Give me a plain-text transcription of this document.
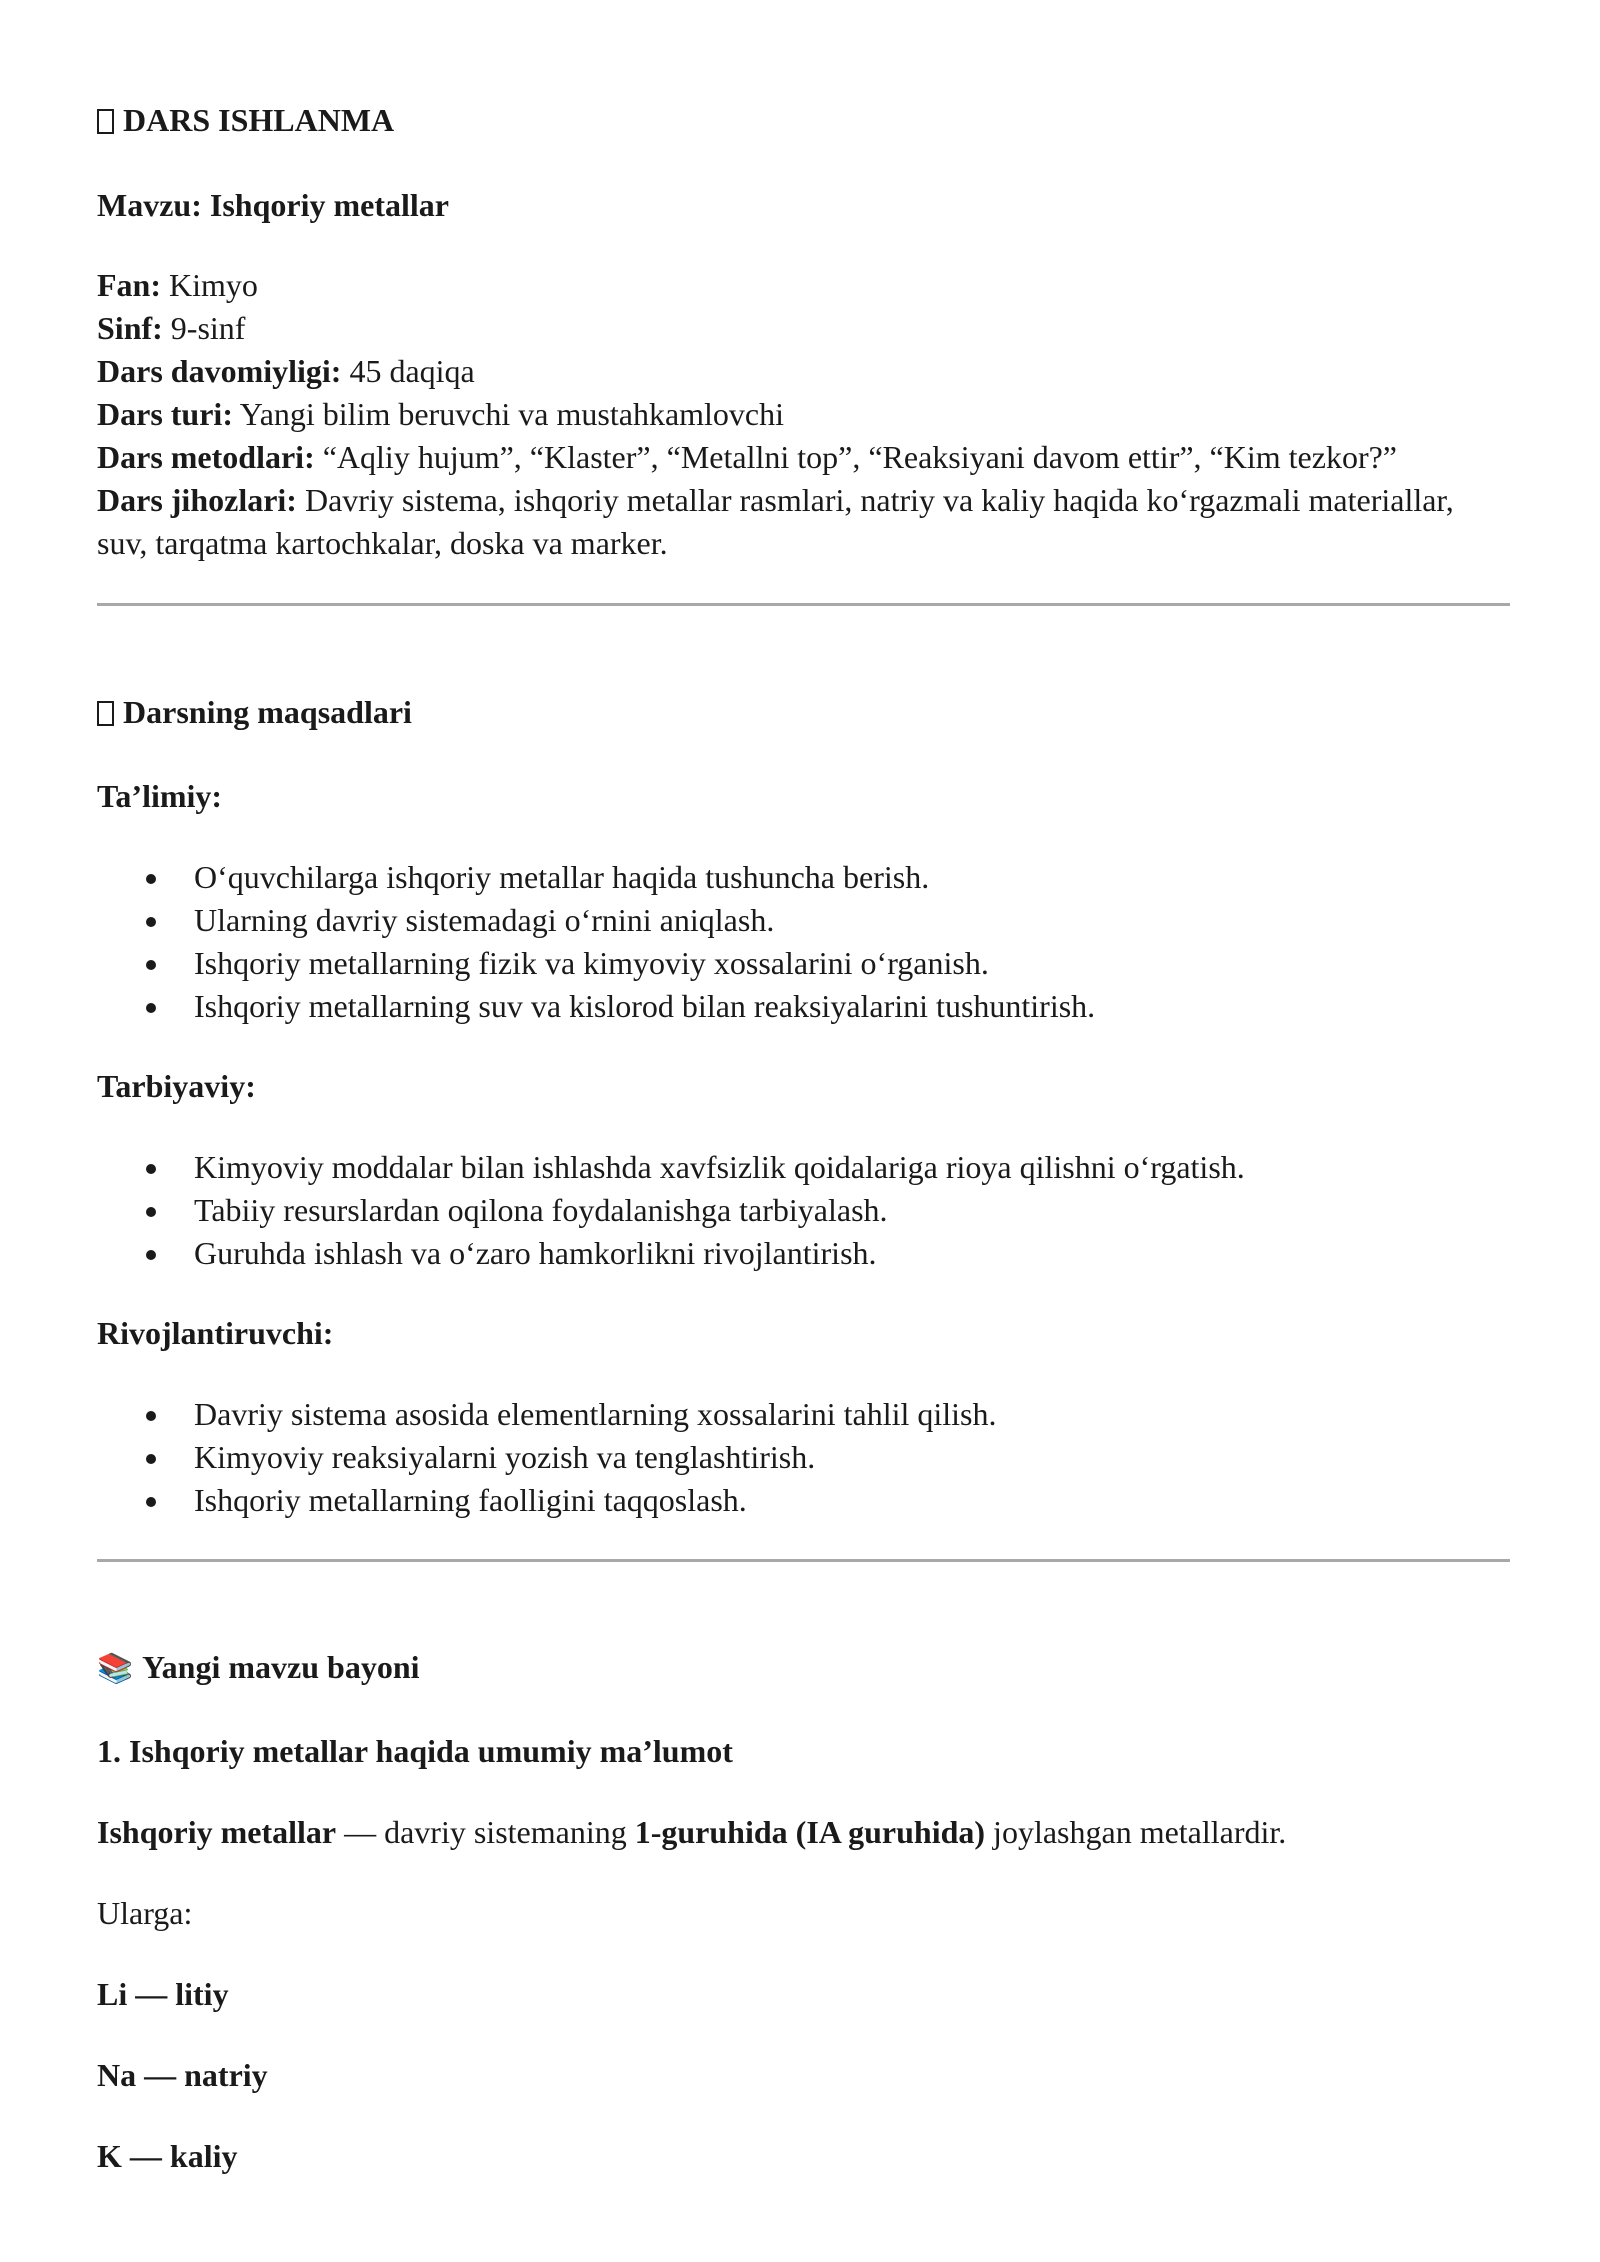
DARS ISHLANMA
Mavzu: Ishqoriy metallar
Fan: Kimyo
Sinf: 9-sinf
Dars davomiyligi: 45 daqiqa
Dars turi: Yangi bilim beruvchi va mustahkamlovchi
Dars metodlari: “Aqliy hujum”, “Klaster”, “Metallni top”, “Reaksiyani davom ettir”, “Kim tezkor?”
Dars jihozlari: Davriy sistema, ishqoriy metallar rasmlari, natriy va kaliy haqida koʻrgazmali materiallar,
suv, tarqatma kartochkalar, doska va marker.
Darsning maqsadlari
Ta’limiy:
Oʻquvchilarga ishqoriy metallar haqida tushuncha berish.
Ularning davriy sistemadagi oʻrnini aniqlash.
Ishqoriy metallarning fizik va kimyoviy xossalarini oʻrganish.
Ishqoriy metallarning suv va kislorod bilan reaksiyalarini tushuntirish.
Tarbiyaviy:
Kimyoviy moddalar bilan ishlashda xavfsizlik qoidalariga rioya qilishni oʻrgatish.
Tabiiy resurslardan oqilona foydalanishga tarbiyalash.
Guruhda ishlash va oʻzaro hamkorlikni rivojlantirish.
Rivojlantiruvchi:
Davriy sistema asosida elementlarning xossalarini tahlil qilish.
Kimyoviy reaksiyalarni yozish va tenglashtirish.
Ishqoriy metallarning faolligini taqqoslash.
📚 Yangi mavzu bayoni
1. Ishqoriy metallar haqida umumiy ma’lumot
Ishqoriy metallar — davriy sistemaning 1-guruhida (IA guruhida) joylashgan metallardir.
Ularga:
Li — litiy
Na — natriy
K — kaliy
